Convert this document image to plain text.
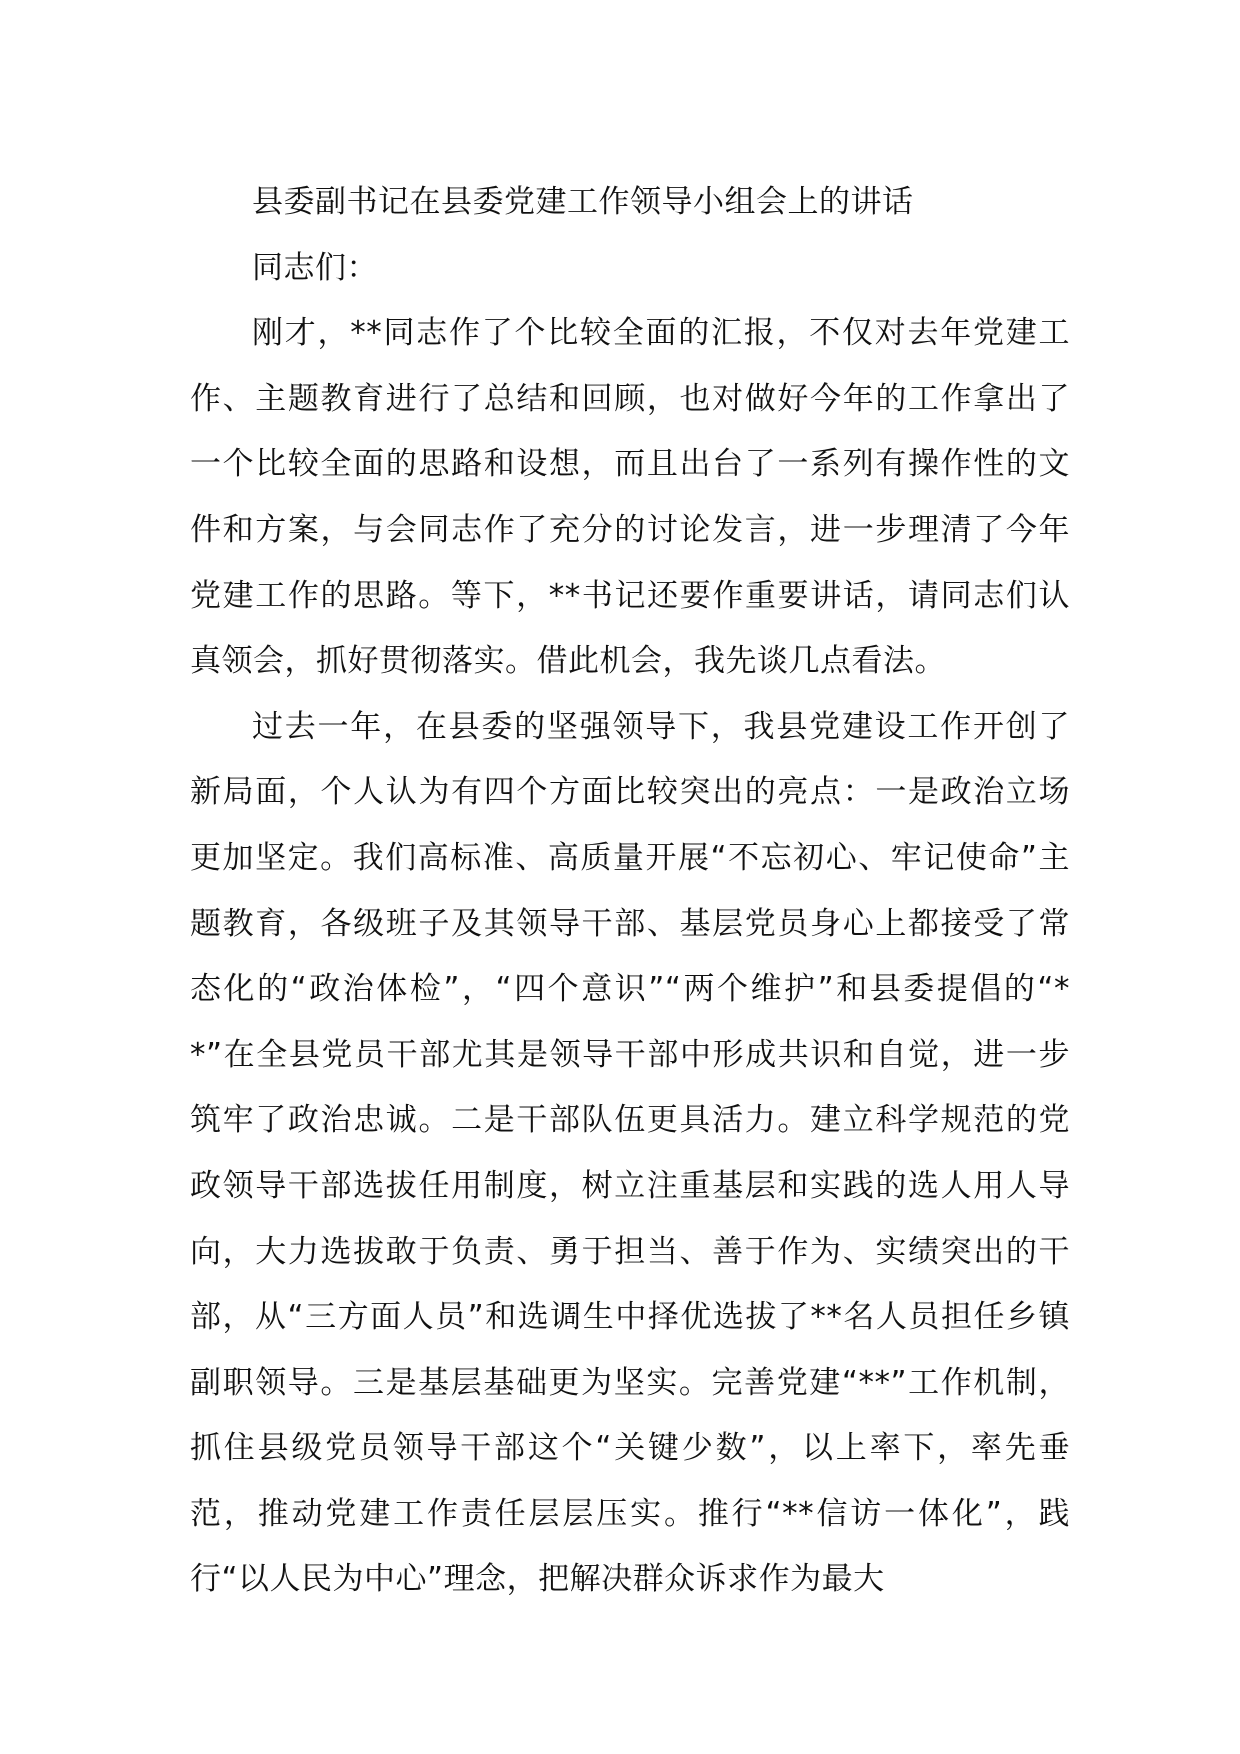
县委副书记在县委党建工作领导小组会上的讲话

同志们：

刚才，**同志作了个比较全面的汇报，不仅对去年党建工作、主题教育进行了总结和回顾，也对做好今年的工作拿出了一个比较全面的思路和设想，而且出台了一系列有操作性的文件和方案，与会同志作了充分的讨论发言，进一步理清了今年党建工作的思路。等下，**书记还要作重要讲话，请同志们认真领会，抓好贯彻落实。借此机会，我先谈几点看法。

过去一年，在县委的坚强领导下，我县党建设工作开创了新局面，个人认为有四个方面比较突出的亮点：一是政治立场更加坚定。我们高标准、高质量开展“不忘初心、牢记使命”主题教育，各级班子及其领导干部、基层党员身心上都接受了常态化的“政治体检”，“四个意识”“两个维护”和县委提倡的“**”在全县党员干部尤其是领导干部中形成共识和自觉，进一步筑牢了政治忠诚。二是干部队伍更具活力。建立科学规范的党政领导干部选拔任用制度，树立注重基层和实践的选人用人导向，大力选拔敢于负责、勇于担当、善于作为、实绩突出的干部，从“三方面人员”和选调生中择优选拔了**名人员担任乡镇副职领导。三是基层基础更为坚实。完善党建“**”工作机制，抓住县级党员领导干部这个“关键少数”，以上率下，率先垂范，推动党建工作责任层层压实。推行“**信访一体化”，践行“以人民为中心”理念，把解决群众诉求作为最大
